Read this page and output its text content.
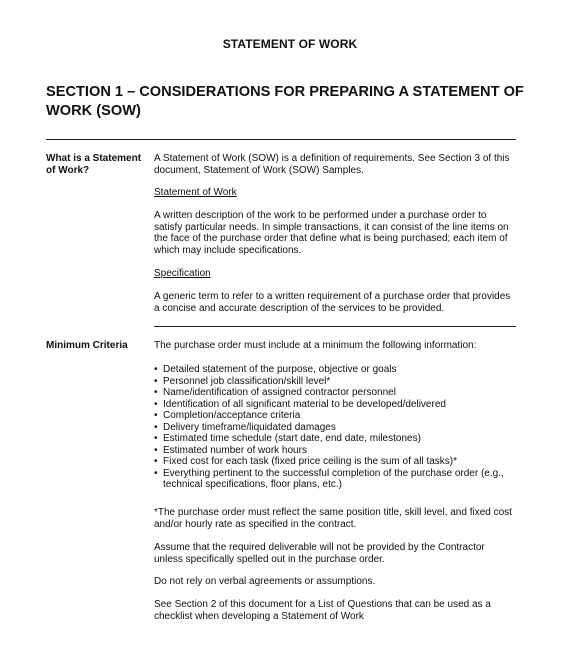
STATEMENT OF WORK
SECTION 1 – CONSIDERATIONS FOR PREPARING A STATEMENT OF WORK (SOW)
What is a Statement of Work?
A Statement of Work (SOW) is a definition of requirements. See Section 3 of this document, Statement of Work (SOW) Samples.
Statement of Work
A written description of the work to be performed under a purchase order to satisfy particular needs. In simple transactions, it can consist of the line items on the face of the purchase order that define what is being purchased; each item of which may include specifications.
Specification
A generic term to refer to a written requirement of a purchase order that provides a concise and accurate description of the services to be provided.
Minimum Criteria	The purchase order must include at a minimum the following information:
• Detailed statement of the purpose, objective or goals
• Personnel job classification/skill level*
• Name/identification of assigned contractor personnel
• Identification of all significant material to be developed/delivered
• Completion/acceptance criteria
• Delivery timeframe/liquidated damages
• Estimated time schedule (start date, end date, milestones)
• Estimated number of work hours
• Fixed cost for each task (fixed price ceiling is the sum of all tasks)*
• Everything pertinent to the successful completion of the purchase order (e.g., technical specifications, floor plans, etc.)
*The purchase order must reflect the same position title, skill level, and fixed cost and/or hourly rate as specified in the contract.
Assume that the required deliverable will not be provided by the Contractor unless specifically spelled out in the purchase order.
Do not rely on verbal agreements or assumptions.
See Section 2 of this document for a List of Questions that can be used as a checklist when developing a Statement of Work
